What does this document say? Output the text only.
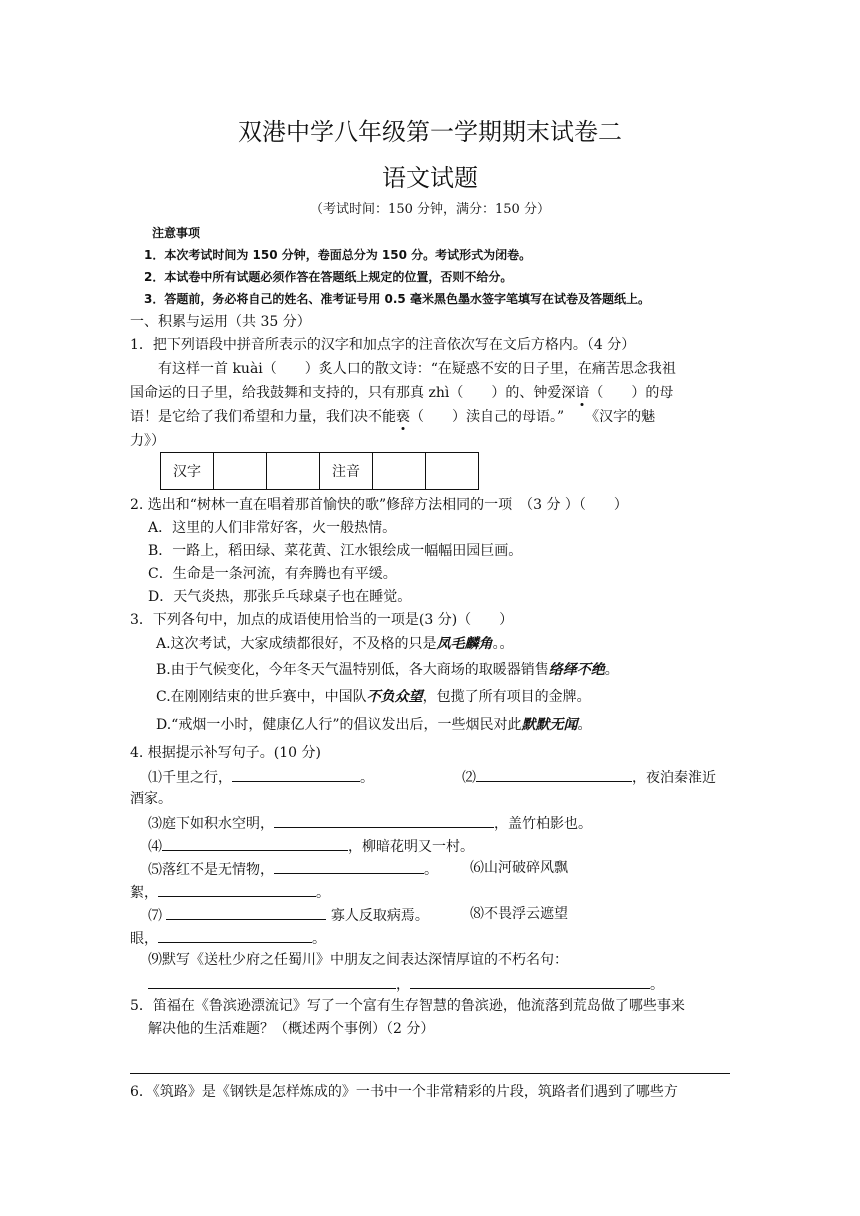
双港中学八年级第一学期期末试卷二
语文试题
（考试时间：150 分钟，满分：150 分）
注意事项
1．本次考试时间为 150 分钟，卷面总分为 150 分。考试形式为闭卷。
2．本试卷中所有试题必须作答在答题纸上规定的位置，否则不给分。
3．答题前，务必将自己的姓名、准考证号用 0.5 毫米黑色墨水签字笔填写在试卷及答题纸上。
一、积累与运用（共 35 分）
1．把下列语段中拼音所表示的汉字和加点字的注音依次写在文后方格内。（4 分）
有这样一首 kuài（　　）炙人口的散文诗：“在疑惑不安的日子里，在痛苦思念我祖
国命运的日子里，给我鼓舞和支持的，只有那真 zhì（　　）的、钟爱深谙（　　）的母
语！是它给了我们希望和力量，我们决不能亵（　　）渎自己的母语。”　　《汉字的魅
力》）
汉字			注音		
2. 选出和“树林一直在唱着那首愉快的歌”修辞方法相同的一项　（3 分 ）（　　）
A．这里的人们非常好客，火一般热情。
B．一路上，稻田绿、菜花黄、江水银绘成一幅幅田园巨画。
C．生命是一条河流，有奔腾也有平缓。
D．天气炎热，那张乒乓球桌子也在睡觉。
3．下列各句中，加点的成语使用恰当的一项是(3 分)（　　）
A.这次考试，大家成绩都很好，不及格的只是凤毛麟角。。
B.由于气候变化，今年冬天气温特别低，各大商场的取暖器销售络绎不绝。
C.在刚刚结束的世乒赛中，中国队不负众望，包揽了所有项目的金牌。
D.“戒烟一小时，健康亿人行”的倡议发出后，一些烟民对此默默无闻。
4. 根据提示补写句子。(10 分)
⑴千里之行，	。	⑵	，夜泊秦淮近
酒家。
⑶庭下如积水空明，	，盖竹柏影也。
⑷	，柳暗花明又一村。
⑸落红不是无情物，	。 ⑹山河破碎风飘
絮，	。
⑺	寡人反取病焉。	⑻不畏浮云遮望
眼，	。
⑼默写《送杜少府之任蜀川》中朋友之间表达深情厚谊的不朽名句：
，	。
5．笛福在《鲁滨逊漂流记》写了一个富有生存智慧的鲁滨逊，他流落到荒岛做了哪些事来
解决他的生活难题？（概述两个事例）（2 分）
6．《筑路》是《钢铁是怎样炼成的》一书中一个非常精彩的片段，筑路者们遇到了哪些方
